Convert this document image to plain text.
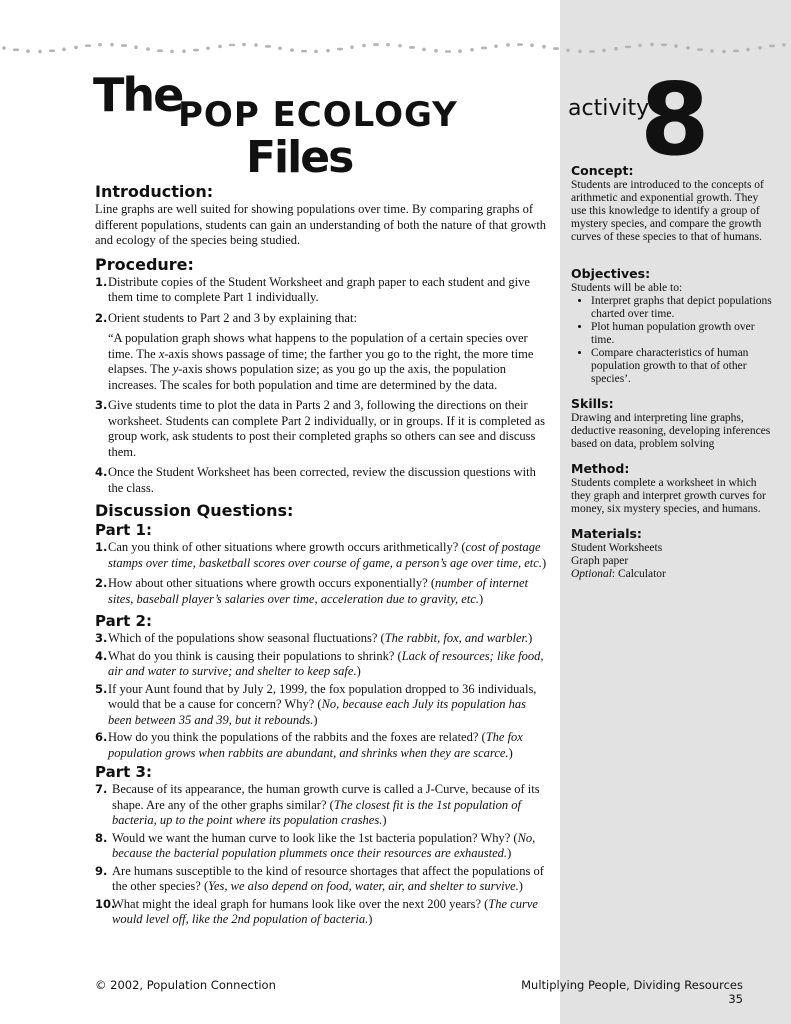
The
POP ECOLOGY
Files
activity
8
Introduction:

Line graphs are well suited for showing populations over time. By comparing graphs of different populations, students can gain an understanding of both the nature of that growth and ecology of the species being studied.

Procedure:
1. Distribute copies of the Student Worksheet and graph paper to each student and give them time to complete Part 1 individually.
2. Orient students to Part 2 and 3 by explaining that:

“A population graph shows what happens to the population of a certain species over time. The x-axis shows passage of time; the farther you go to the right, the more time elapses. The y-axis shows population size; as you go up the axis, the population increases. The scales for both population and time are determined by the data.

3. Give students time to plot the data in Parts 2 and 3, following the directions on their worksheet. Students can complete Part 2 individually, or in groups. If it is completed as group work, ask students to post their completed graphs so others can see and discuss them.
4. Once the Student Worksheet has been corrected, review the discussion questions with the class.
Discussion Questions:
Part 1:
1. Can you think of other situations where growth occurs arithmetically? (cost of postage stamps over time, basketball scores over course of game, a person’s age over time, etc.)
2. How about other situations where growth occurs exponentially? (number of internet sites, baseball player’s salaries over time, acceleration due to gravity, etc.)
Part 2:
3. Which of the populations show seasonal fluctuations? (The rabbit, fox, and warbler.)
4. What do you think is causing their populations to shrink? (Lack of resources; like food, air and water to survive; and shelter to keep safe.)
5. If your Aunt found that by July 2, 1999, the fox population dropped to 36 individuals, would that be a cause for concern? Why? (No, because each July its population has been between 35 and 39, but it rebounds.)
6. How do you think the populations of the rabbits and the foxes are related? (The fox population grows when rabbits are abundant, and shrinks when they are scarce.)
Part 3:
7. Because of its appearance, the human growth curve is called a J-Curve, because of its shape. Are any of the other graphs similar? (The closest fit is the 1st population of bacteria, up to the point where its population crashes.)
8. Would we want the human curve to look like the 1st bacteria population? Why? (No, because the bacterial population plummets once their resources are exhausted.)
9. Are humans susceptible to the kind of resource shortages that affect the populations of the other species? (Yes, we also depend on food, water, air, and shelter to survive.)
10.
What might the ideal graph for humans look like over the next 200 years? (The curve would level off, like the 2nd population of bacteria.)
Concept:

Students are introduced to the concepts of arithmetic and exponential growth. They use this knowledge to identify a group of mystery species, and compare the growth curves of these species to that of humans.

Objectives:

Students will be able to:

• Interpret graphs that depict populations charted over time.
• Plot human population growth over time.
• Compare characteristics of human population growth to that of other species’.
Skills:

Drawing and interpreting line graphs, deductive reasoning, developing inferences based on data, problem solving

Method:

Students complete a worksheet in which they graph and interpret growth curves for money, six mystery species, and humans.

Materials:

Student Worksheets

Graph paper

Optional: Calculator

© 2002, Population Connection	Multiplying People, Dividing Resources 35
